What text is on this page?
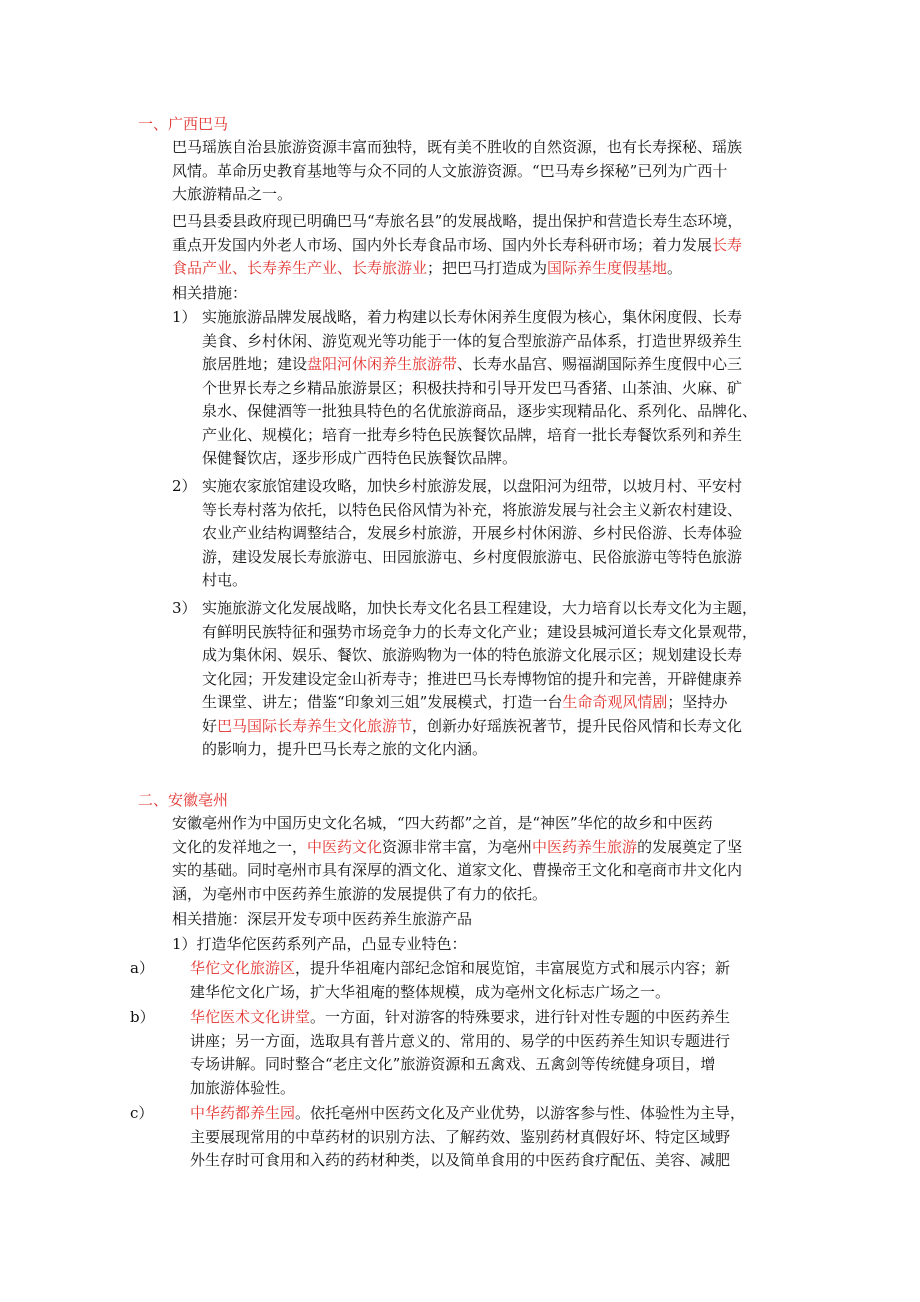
一、广西巴马
巴马瑶族自治县旅游资源丰富而独特，既有美不胜收的自然资源，也有长寿探秘、瑶族
风情。革命历史教育基地等与众不同的人文旅游资源。“巴马寿乡探秘”已列为广西十
大旅游精品之一。
巴马县委县政府现已明确巴马“寿旅名县”的发展战略，提出保护和营造长寿生态环境，
重点开发国内外老人市场、国内外长寿食品市场、国内外长寿科研市场；着力发展长寿
食品产业、长寿养生产业、长寿旅游业；把巴马打造成为国际养生度假基地。
相关措施：
1） 实施旅游品牌发展战略，着力构建以长寿休闲养生度假为核心，集休闲度假、长寿
美食、乡村休闲、游览观光等功能于一体的复合型旅游产品体系，打造世界级养生
旅居胜地；建设盘阳河休闲养生旅游带、长寿水晶宫、赐福湖国际养生度假中心三
个世界长寿之乡精品旅游景区；积极扶持和引导开发巴马香猪、山茶油、火麻、矿
泉水、保健酒等一批独具特色的名优旅游商品，逐步实现精品化、系列化、品牌化、
产业化、规模化；培育一批寿乡特色民族餐饮品牌，培育一批长寿餐饮系列和养生
保健餐饮店，逐步形成广西特色民族餐饮品牌。
2） 实施农家旅馆建设攻略，加快乡村旅游发展，以盘阳河为纽带，以坡月村、平安村
等长寿村落为依托，以特色民俗风情为补充，将旅游发展与社会主义新农村建设、
农业产业结构调整结合，发展乡村旅游，开展乡村休闲游、乡村民俗游、长寿体验
游，建设发展长寿旅游屯、田园旅游屯、乡村度假旅游屯、民俗旅游屯等特色旅游
村屯。
3） 实施旅游文化发展战略，加快长寿文化名县工程建设，大力培育以长寿文化为主题，
有鲜明民族特征和强势市场竞争力的长寿文化产业；建设县城河道长寿文化景观带，
成为集休闲、娱乐、餐饮、旅游购物为一体的特色旅游文化展示区；规划建设长寿
文化园；开发建设定金山祈寿寺；推进巴马长寿博物馆的提升和完善，开辟健康养
生课堂、讲左；借鉴“印象刘三姐”发展模式，打造一台生命奇观风情剧；坚持办
好巴马国际长寿养生文化旅游节，创新办好瑶族祝著节，提升民俗风情和长寿文化
的影响力，提升巴马长寿之旅的文化内涵。
二、安徽亳州
安徽亳州作为中国历史文化名城，“四大药都”之首，是“神医”华佗的故乡和中医药
文化的发祥地之一，中医药文化资源非常丰富，为亳州中医药养生旅游的发展奠定了坚
实的基础。同时亳州市具有深厚的酒文化、道家文化、曹操帝王文化和亳商市井文化内
涵，为亳州市中医药养生旅游的发展提供了有力的依托。
相关措施：深层开发专项中医药养生旅游产品
1）打造华佗医药系列产品，凸显专业特色：
a）	华佗文化旅游区，提升华祖庵内部纪念馆和展览馆，丰富展览方式和展示内容；新
建华佗文化广场，扩大华祖庵的整体规模，成为亳州文化标志广场之一。
b）	华佗医术文化讲堂。一方面，针对游客的特殊要求，进行针对性专题的中医药养生
讲座；另一方面，选取具有普片意义的、常用的、易学的中医药养生知识专题进行
专场讲解。同时整合“老庄文化”旅游资源和五禽戏、五禽剑等传统健身项目，增
加旅游体验性。
c）	中华药都养生园。依托亳州中医药文化及产业优势，以游客参与性、体验性为主导，
主要展现常用的中草药材的识别方法、了解药效、鉴别药材真假好坏、特定区域野
外生存时可食用和入药的药材种类，以及简单食用的中医药食疗配伍、美容、减肥
